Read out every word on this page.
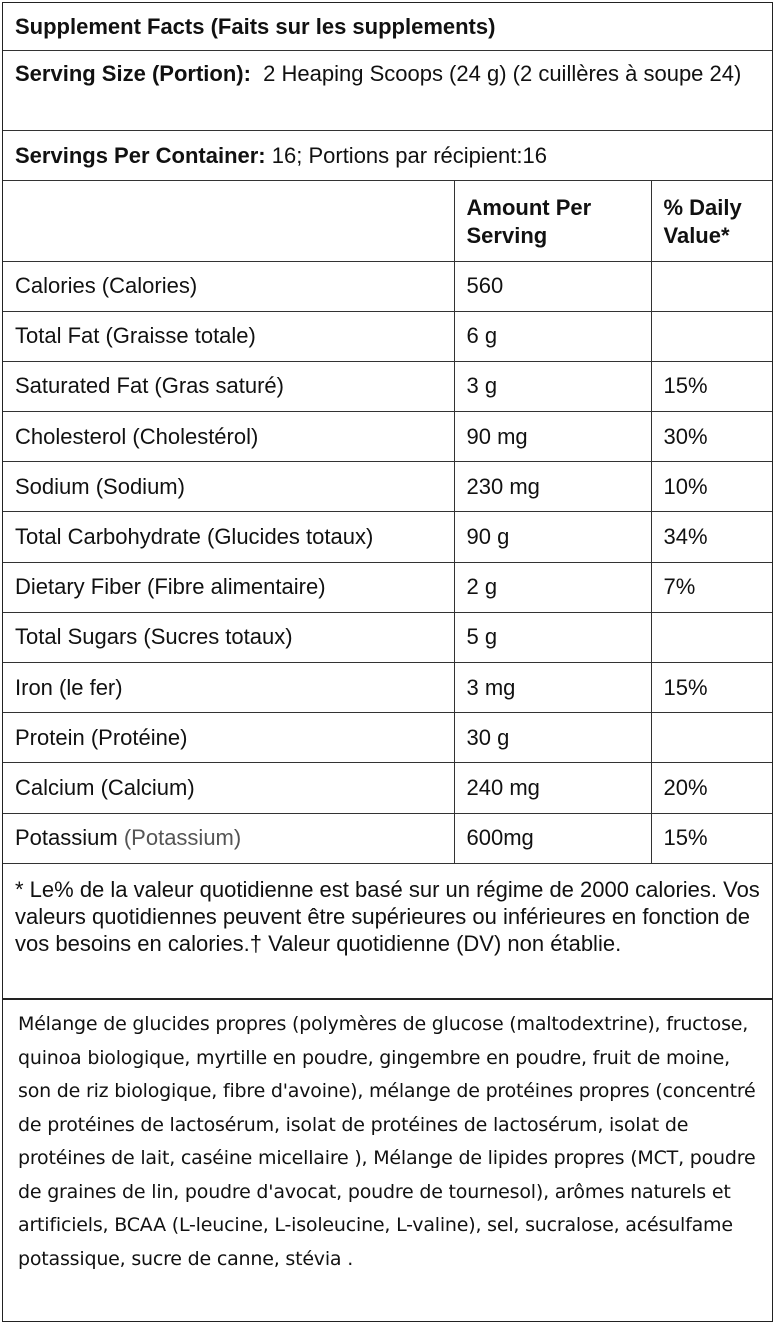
Supplement Facts (Faits sur les supplements)
Serving Size (Portion): 2 Heaping Scoops (24 g) (2 cuillères à soupe 24)
Servings Per Container: 16; Portions par récipient:16
	Amount Per Serving	% Daily Value*
Calories (Calories)	560	
Total Fat (Graisse totale)	6 g	
Saturated Fat (Gras saturé)	3 g	15%
Cholesterol (Cholestérol)	90 mg	30%
Sodium (Sodium)	230 mg	10%
Total Carbohydrate (Glucides totaux)	90 g	34%
Dietary Fiber (Fibre alimentaire)	2 g	7%
Total Sugars (Sucres totaux)	5 g	
Iron (le fer)	3 mg	15%
Protein (Protéine)	30 g	
Calcium (Calcium)	240 mg	20%
Potassium (Potassium)	600mg	15%
* Le% de la valeur quotidienne est basé sur un régime de 2000 calories. Vos valeurs quotidiennes peuvent être supérieures ou inférieures en fonction de vos besoins en calories.† Valeur quotidienne (DV) non établie.
Mélange de glucides propres (polymères de glucose (maltodextrine), fructose, quinoa biologique, myrtille en poudre, gingembre en poudre, fruit de moine, son de riz biologique, fibre d'avoine), mélange de protéines propres (concentré de protéines de lactosérum, isolat de protéines de lactosérum, isolat de protéines de lait, caséine micellaire ), Mélange de lipides propres (MCT, poudre de graines de lin, poudre d'avocat, poudre de tournesol), arômes naturels et artificiels, BCAA (L-leucine, L-isoleucine, L-valine), sel, sucralose, acésulfame potassique, sucre de canne, stévia .
